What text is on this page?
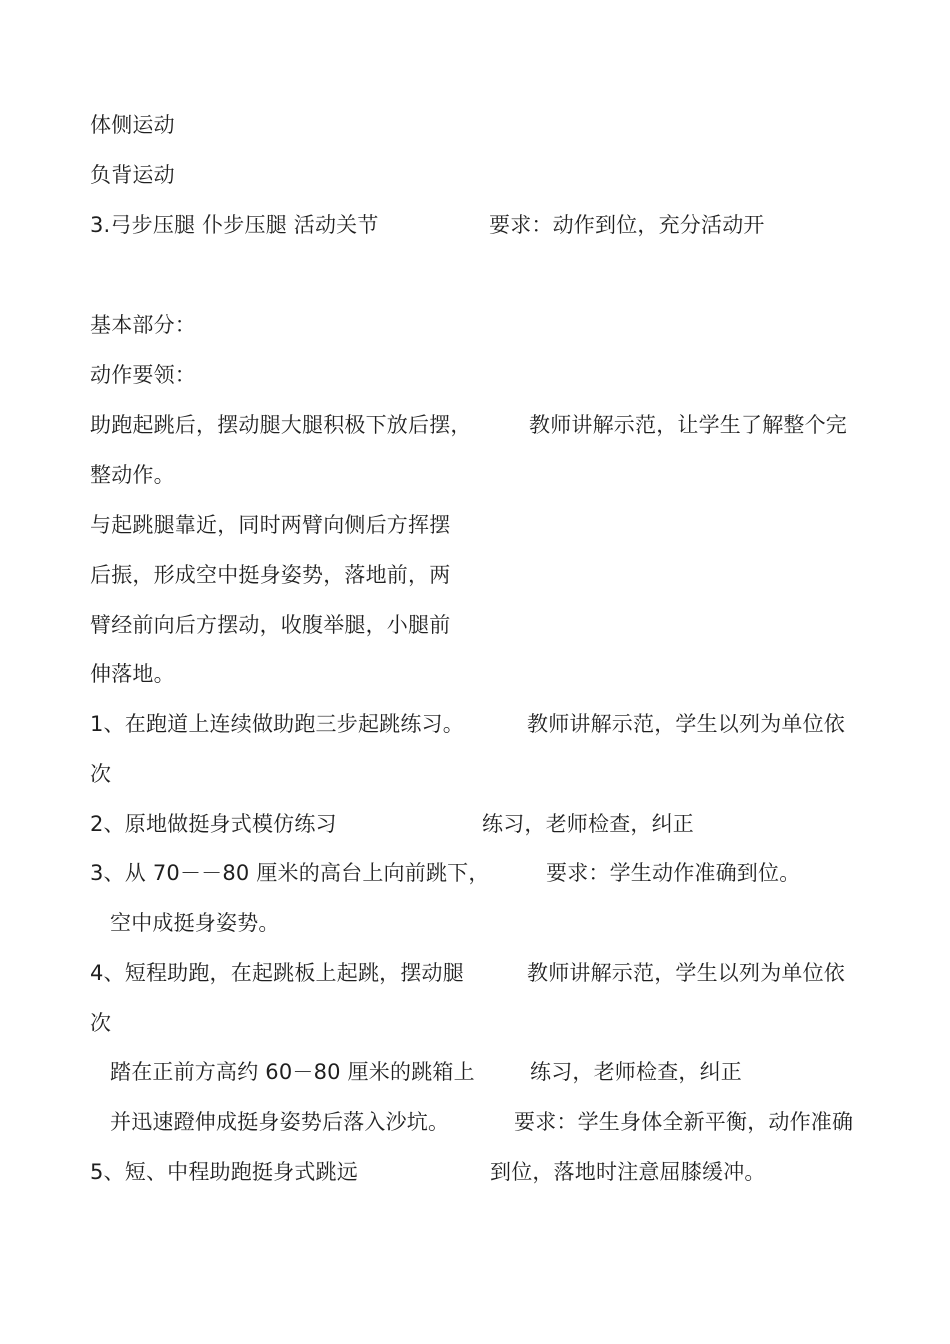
体侧运动
负背运动
3.弓步压腿 仆步压腿 活动关节	要求：动作到位，充分活动开
基本部分：
动作要领：
助跑起跳后，摆动腿大腿积极下放后摆，	教师讲解示范，让学生了解整个完
整动作。
与起跳腿靠近，同时两臂向侧后方挥摆
后振，形成空中挺身姿势，落地前，两
臂经前向后方摆动，收腹举腿，小腿前
伸落地。
1、在跑道上连续做助跑三步起跳练习。	教师讲解示范，学生以列为单位依
次
2、原地做挺身式模仿练习	练习，老师检查，纠正
3、从 70－－80 厘米的高台上向前跳下，	要求：学生动作准确到位。
空中成挺身姿势。
4、短程助跑，在起跳板上起跳，摆动腿	教师讲解示范，学生以列为单位依
次
踏在正前方高约 60－80 厘米的跳箱上	练习，老师检查，纠正
并迅速蹬伸成挺身姿势后落入沙坑。	要求：学生身体全新平衡，动作准确
5、短、中程助跑挺身式跳远	到位，落地时注意屈膝缓冲。
